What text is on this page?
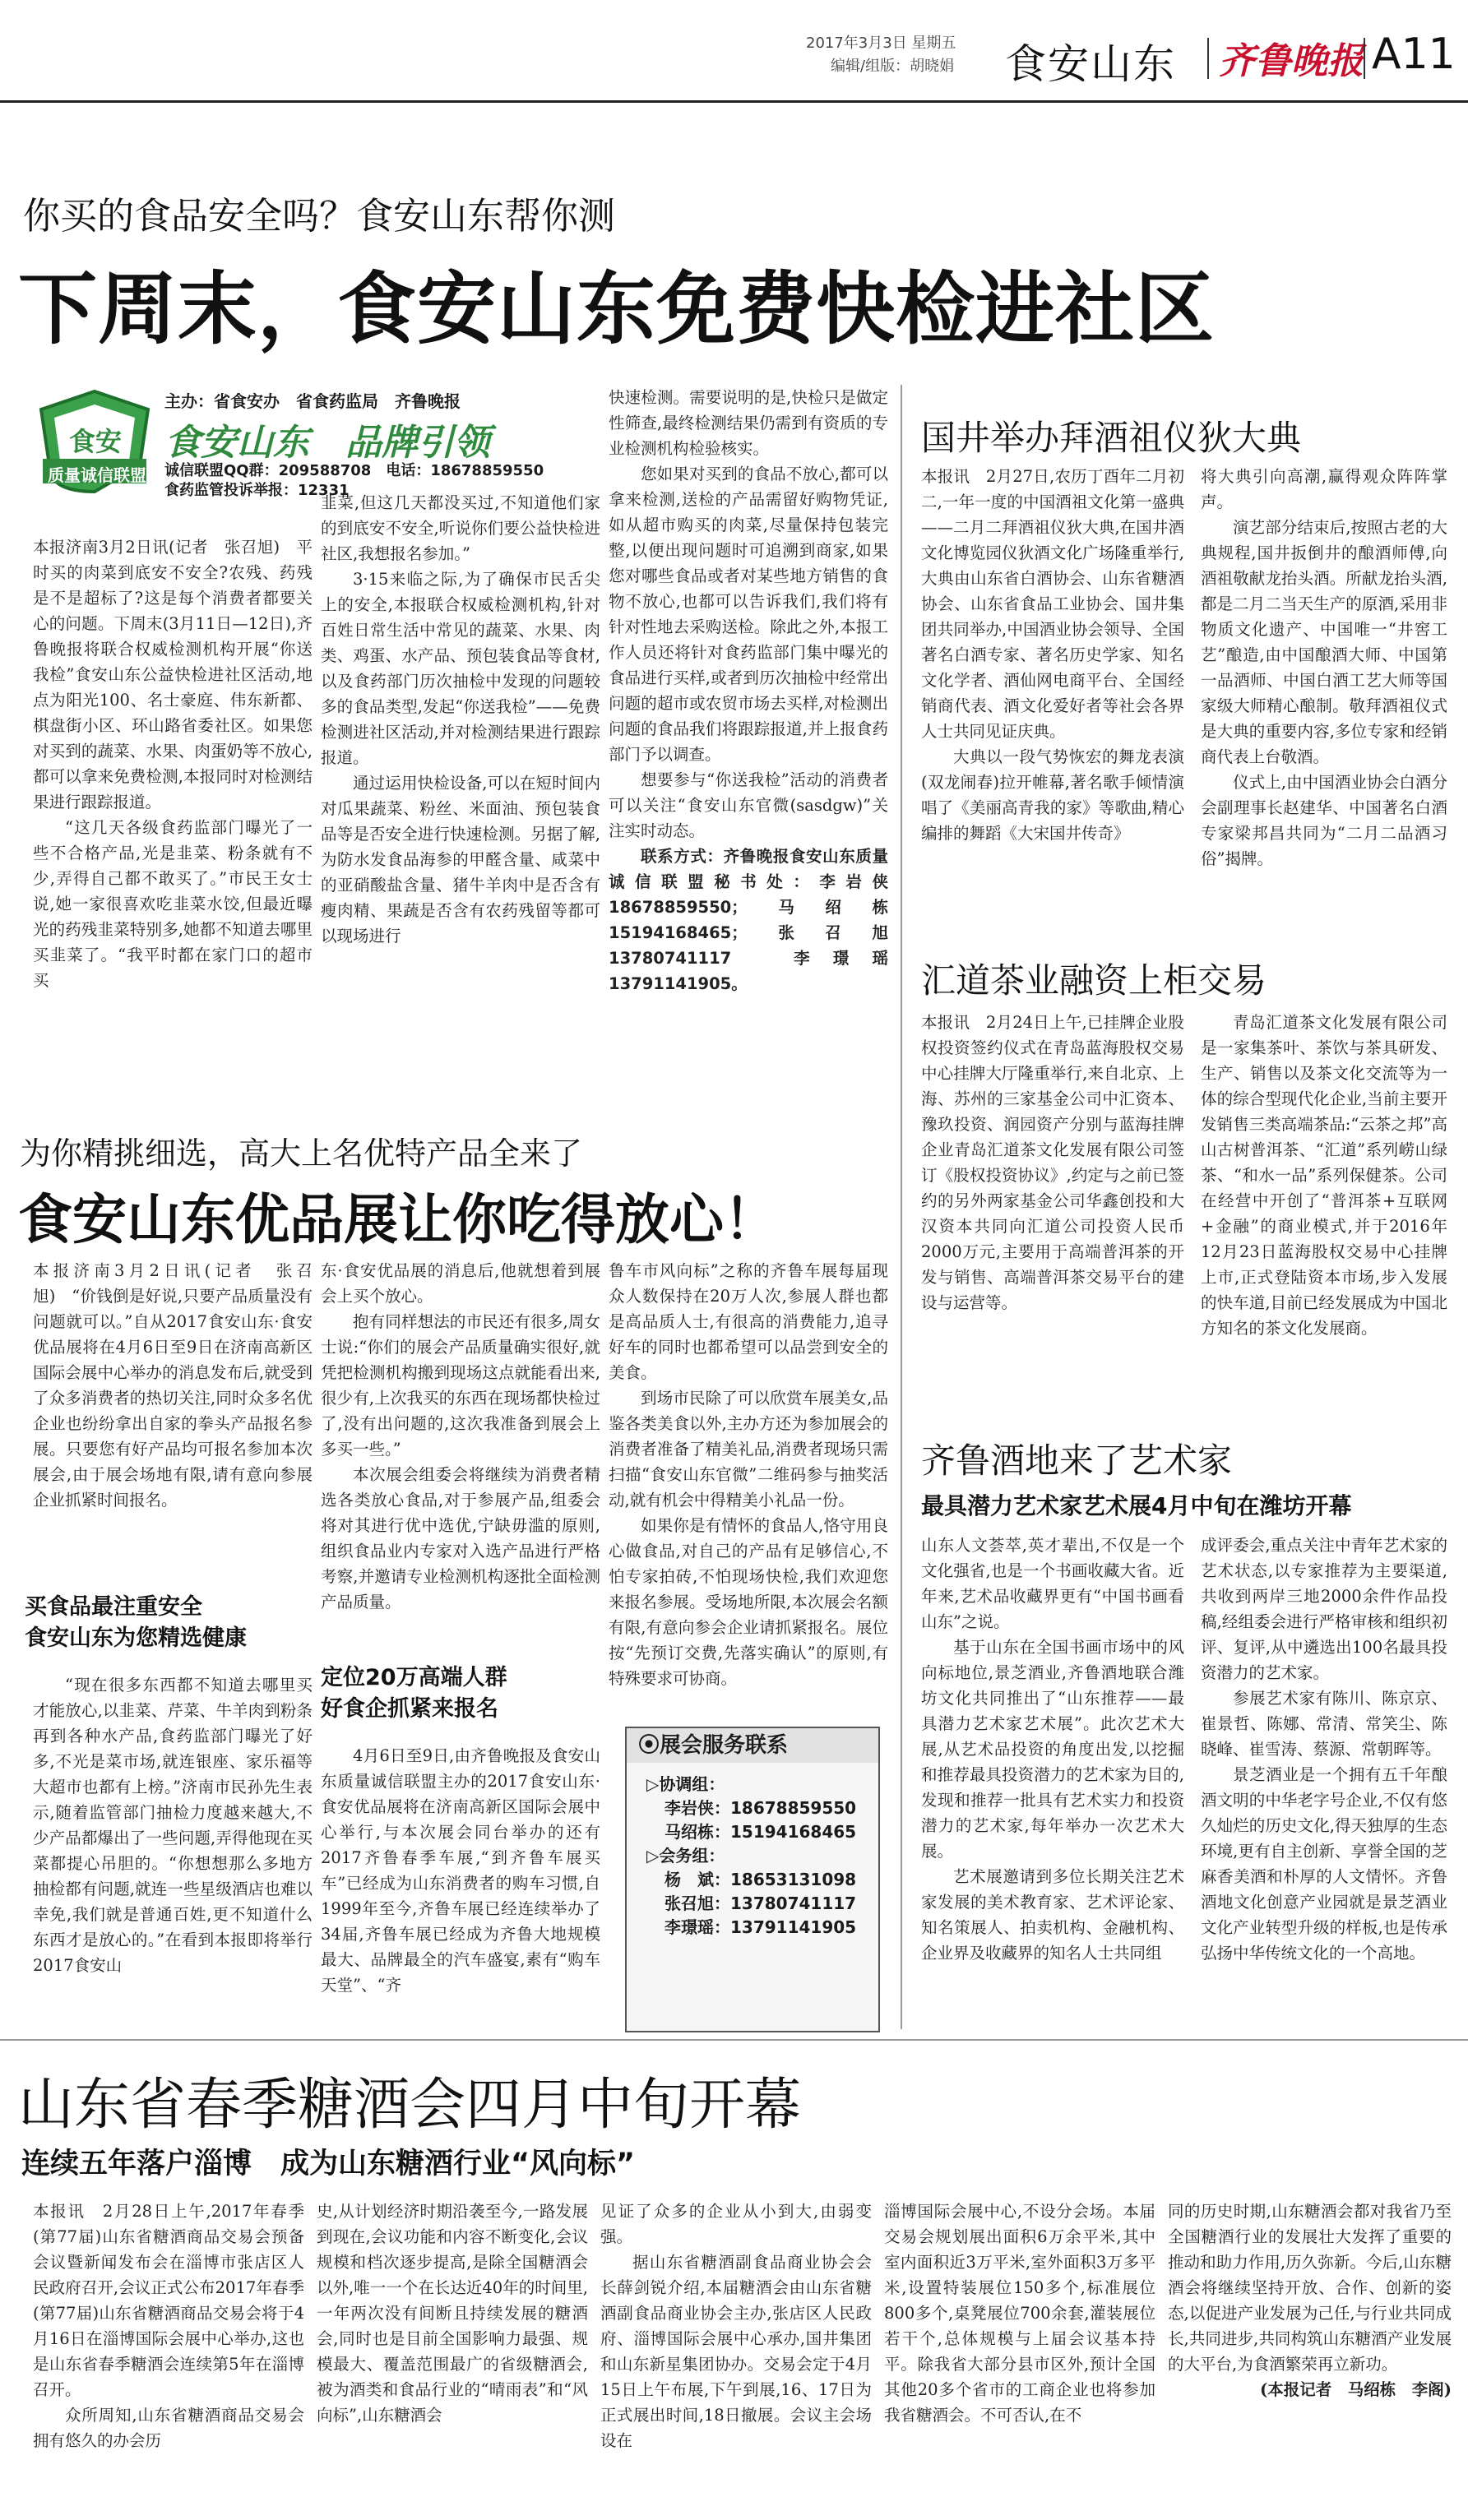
2017年3月3日 星期五
编辑/组版：胡晓娟 食安山东 齐鲁晚报 A11
你买的食品安全吗？食安山东帮你测
下周末，食安山东免费快检进社区
食安
质量诚信联盟
主办：省食安办　省食药监局　齐鲁晚报
食安山东　品牌引领
诚信联盟QQ群：209588708　电话：18678859550
食药监管投诉举报：12331

本报济南3月2日讯(记者　张召旭)　平时买的肉菜到底安不安全?农残、药残是不是超标了?这是每个消费者都要关心的问题。下周末(3月11日—12日),齐鲁晚报将联合权威检测机构开展“你送我检”食安山东公益快检进社区活动,地点为阳光100、名士豪庭、伟东新都、棋盘街小区、环山路省委社区。如果您对买到的蔬菜、水果、肉蛋奶等不放心,都可以拿来免费检测,本报同时对检测结果进行跟踪报道。

“这几天各级食药监部门曝光了一些不合格产品,光是韭菜、粉条就有不少,弄得自己都不敢买了。”市民王女士说,她一家很喜欢吃韭菜水饺,但最近曝光的药残韭菜特别多,她都不知道去哪里买韭菜了。“我平时都在家门口的超市买

韭菜,但这几天都没买过,不知道他们家的到底安不安全,听说你们要公益快检进社区,我想报名参加。”

3·15来临之际,为了确保市民舌尖上的安全,本报联合权威检测机构,针对百姓日常生活中常见的蔬菜、水果、肉类、鸡蛋、水产品、预包装食品等食材,以及食药部门历次抽检中发现的问题较多的食品类型,发起“你送我检”——免费检测进社区活动,并对检测结果进行跟踪报道。

通过运用快检设备,可以在短时间内对瓜果蔬菜、粉丝、米面油、预包装食品等是否安全进行快速检测。另据了解,为防水发食品海参的甲醛含量、咸菜中的亚硝酸盐含量、猪牛羊肉中是否含有瘦肉精、果蔬是否含有农药残留等都可以现场进行

快速检测。需要说明的是,快检只是做定性筛查,最终检测结果仍需到有资质的专业检测机构检验核实。

您如果对买到的食品不放心,都可以拿来检测,送检的产品需留好购物凭证,如从超市购买的肉菜,尽量保持包装完整,以便出现问题时可追溯到商家,如果您对哪些食品或者对某些地方销售的食物不放心,也都可以告诉我们,我们将有针对性地去采购送检。除此之外,本报工作人员还将针对食药监部门集中曝光的食品进行买样,或者到历次抽检中经常出问题的超市或农贸市场去买样,对检测出问题的食品我们将跟踪报道,并上报食药部门予以调查。

想要参与“你送我检”活动的消费者可以关注“食安山东官微(sasdgw)”关注实时动态。

联系方式：齐鲁晚报食安山东质量诚信联盟秘书处：李岩侠18678859550；马绍栋15194168465；张召旭13780741117　李璟瑶13791141905。

国井举办拜酒祖仪狄大典

本报讯　2月27日,农历丁酉年二月初二,一年一度的中国酒祖文化第一盛典——二月二拜酒祖仪狄大典,在国井酒文化博览园仪狄酒文化广场隆重举行,大典由山东省白酒协会、山东省糖酒协会、山东省食品工业协会、国井集团共同举办,中国酒业协会领导、全国著名白酒专家、著名历史学家、知名文化学者、酒仙网电商平台、全国经销商代表、酒文化爱好者等社会各界人士共同见证庆典。

大典以一段气势恢宏的舞龙表演(双龙闹春)拉开帷幕,著名歌手倾情演唱了《美丽高青我的家》等歌曲,精心编排的舞蹈《大宋国井传奇》

将大典引向高潮,赢得观众阵阵掌声。

演艺部分结束后,按照古老的大典规程,国井扳倒井的酿酒师傅,向酒祖敬献龙抬头酒。所献龙抬头酒,都是二月二当天生产的原酒,采用非物质文化遗产、中国唯一“井窖工艺”酿造,由中国酿酒大师、中国第一品酒师、中国白酒工艺大师等国家级大师精心酿制。敬拜酒祖仪式是大典的重要内容,多位专家和经销商代表上台敬酒。

仪式上,由中国酒业协会白酒分会副理事长赵建华、中国著名白酒专家梁邦昌共同为“二月二品酒习俗”揭牌。

汇道茶业融资上柜交易

本报讯　2月24日上午,已挂牌企业股权投资签约仪式在青岛蓝海股权交易中心挂牌大厅隆重举行,来自北京、上海、苏州的三家基金公司中汇资本、豫玖投资、润园资产分别与蓝海挂牌企业青岛汇道茶文化发展有限公司签订《股权投资协议》,约定与之前已签约的另外两家基金公司华鑫创投和大汉资本共同向汇道公司投资人民币2000万元,主要用于高端普洱茶的开发与销售、高端普洱茶交易平台的建设与运营等。

青岛汇道茶文化发展有限公司是一家集茶叶、茶饮与茶具研发、生产、销售以及茶文化交流等为一体的综合型现代化企业,当前主要开发销售三类高端茶品:“云茶之邦”高山古树普洱茶、“汇道”系列崂山绿茶、“和水一品”系列保健茶。公司在经营中开创了“普洱茶+互联网+金融”的商业模式,并于2016年12月23日蓝海股权交易中心挂牌上市,正式登陆资本市场,步入发展的快车道,目前已经发展成为中国北方知名的茶文化发展商。

齐鲁酒地来了艺术家
最具潜力艺术家艺术展4月中旬在潍坊开幕

山东人文荟萃,英才辈出,不仅是一个文化强省,也是一个书画收藏大省。近年来,艺术品收藏界更有“中国书画看山东”之说。

基于山东在全国书画市场中的风向标地位,景芝酒业,齐鲁酒地联合潍坊文化共同推出了“山东推荐——最具潜力艺术家艺术展”。此次艺术大展,从艺术品投资的角度出发,以挖掘和推荐最具投资潜力的艺术家为目的,发现和推荐一批具有艺术实力和投资潜力的艺术家,每年举办一次艺术大展。

艺术展邀请到多位长期关注艺术家发展的美术教育家、艺术评论家、知名策展人、拍卖机构、金融机构、企业界及收藏界的知名人士共同组

成评委会,重点关注中青年艺术家的艺术状态,以专家推荐为主要渠道,共收到两岸三地2000余件作品投稿,经组委会进行严格审核和组织初评、复评,从中遴选出100名最具投资潜力的艺术家。

参展艺术家有陈川、陈京京、崔景哲、陈娜、常清、常笑尘、陈晓峰、崔雪涛、蔡源、常朝晖等。

景芝酒业是一个拥有五千年酿酒文明的中华老字号企业,不仅有悠久灿烂的历史文化,得天独厚的生态环境,更有自主创新、享誉全国的芝麻香美酒和朴厚的人文情怀。齐鲁酒地文化创意产业园就是景芝酒业文化产业转型升级的样板,也是传承弘扬中华传统文化的一个高地。

为你精挑细选，高大上名优特产品全来了
食安山东优品展让你吃得放心！

本报济南3月2日讯(记者　张召旭)　“价钱倒是好说,只要产品质量没有问题就可以。”自从2017食安山东·食安优品展将在4月6日至9日在济南高新区国际会展中心举办的消息发布后,就受到了众多消费者的热切关注,同时众多名优企业也纷纷拿出自家的拳头产品报名参展。只要您有好产品均可报名参加本次展会,由于展会场地有限,请有意向参展企业抓紧时间报名。

买食品最注重安全
食安山东为您精选健康

“现在很多东西都不知道去哪里买才能放心,以韭菜、芹菜、牛羊肉到粉条再到各种水产品,食药监部门曝光了好多,不光是菜市场,就连银座、家乐福等大超市也都有上榜。”济南市民孙先生表示,随着监管部门抽检力度越来越大,不少产品都爆出了一些问题,弄得他现在买菜都提心吊胆的。“你想想那么多地方抽检都有问题,就连一些星级酒店也难以幸免,我们就是普通百姓,更不知道什么东西才是放心的。”在看到本报即将举行2017食安山

东·食安优品展的消息后,他就想着到展会上买个放心。

抱有同样想法的市民还有很多,周女士说:“你们的展会产品质量确实很好,就凭把检测机构搬到现场这点就能看出来,很少有,上次我买的东西在现场都快检过了,没有出问题的,这次我准备到展会上多买一些。”

本次展会组委会将继续为消费者精选各类放心食品,对于参展产品,组委会将对其进行优中选优,宁缺毋滥的原则,组织食品业内专家对入选产品进行严格考察,并邀请专业检测机构逐批全面检测产品质量。

定位20万高端人群
好食企抓紧来报名

4月6日至9日,由齐鲁晚报及食安山东质量诚信联盟主办的2017食安山东·食安优品展将在济南高新区国际会展中心举行,与本次展会同台举办的还有2017齐鲁春季车展,“到齐鲁车展买车”已经成为山东消费者的购车习惯,自1999年至今,齐鲁车展已经连续举办了34届,齐鲁车展已经成为齐鲁大地规模最大、品牌最全的汽车盛宴,素有“购车天堂”、“齐

鲁车市风向标”之称的齐鲁车展每届现众人数保持在20万人次,参展人群也都是高品质人士,有很高的消费能力,追寻好车的同时也都希望可以品尝到安全的美食。

到场市民除了可以欣赏车展美女,品鉴各类美食以外,主办方还为参加展会的消费者准备了精美礼品,消费者现场只需扫描“食安山东官微”二维码参与抽奖活动,就有机会中得精美小礼品一份。

如果你是有情怀的食品人,恪守用良心做食品,对自己的产品有足够信心,不怕专家拍砖,不怕现场快检,我们欢迎您来报名参展。受场地所限,本次展会名额有限,有意向参会企业请抓紧报名。展位按“先预订交费,先落实确认”的原则,有特殊要求可协商。

⦿展会服务联系
▷协调组：
李岩侠：18678859550
马绍栋：15194168465
▷会务组：
杨　斌：18653131098
张召旭：13780741117
李璟瑶：13791141905
山东省春季糖酒会四月中旬开幕
连续五年落户淄博　成为山东糖酒行业“风向标”

本报讯　2月28日上午,2017年春季(第77届)山东省糖酒商品交易会预备会议暨新闻发布会在淄博市张店区人民政府召开,会议正式公布2017年春季(第77届)山东省糖酒商品交易会将于4月16日在淄博国际会展中心举办,这也是山东省春季糖酒会连续第5年在淄博召开。

众所周知,山东省糖酒商品交易会拥有悠久的办会历

史,从计划经济时期沿袭至今,一路发展到现在,会议功能和内容不断变化,会议规模和档次逐步提高,是除全国糖酒会以外,唯一一个在长达近40年的时间里,一年两次没有间断且持续发展的糖酒会,同时也是目前全国影响力最强、规模最大、覆盖范围最广的省级糖酒会,被为酒类和食品行业的“晴雨表”和“风向标”,山东糖酒会

见证了众多的企业从小到大,由弱变强。

据山东省糖酒副食品商业协会会长薛剑锐介绍,本届糖酒会由山东省糖酒副食品商业协会主办,张店区人民政府、淄博国际会展中心承办,国井集团和山东新星集团协办。交易会定于4月15日上午布展,下午到展,16、17日为正式展出时间,18日撤展。会议主会场设在

淄博国际会展中心,不设分会场。本届交易会规划展出面积6万余平米,其中室内面积近3万平米,室外面积3万多平米,设置特装展位150多个,标准展位800多个,桌凳展位700余套,灌装展位若干个,总体规模与上届会议基本持平。除我省大部分县市区外,预计全国其他20多个省市的工商企业也将参加我省糖酒会。不可否认,在不

同的历史时期,山东糖酒会都对我省乃至全国糖酒行业的发展壮大发挥了重要的推动和助力作用,历久弥新。今后,山东糖酒会将继续坚持开放、合作、创新的姿态,以促进产业发展为己任,与行业共同成长,共同进步,共同构筑山东糖酒产业发展的大平台,为食酒繁荣再立新功。

(本报记者　马绍栋　李阁)
